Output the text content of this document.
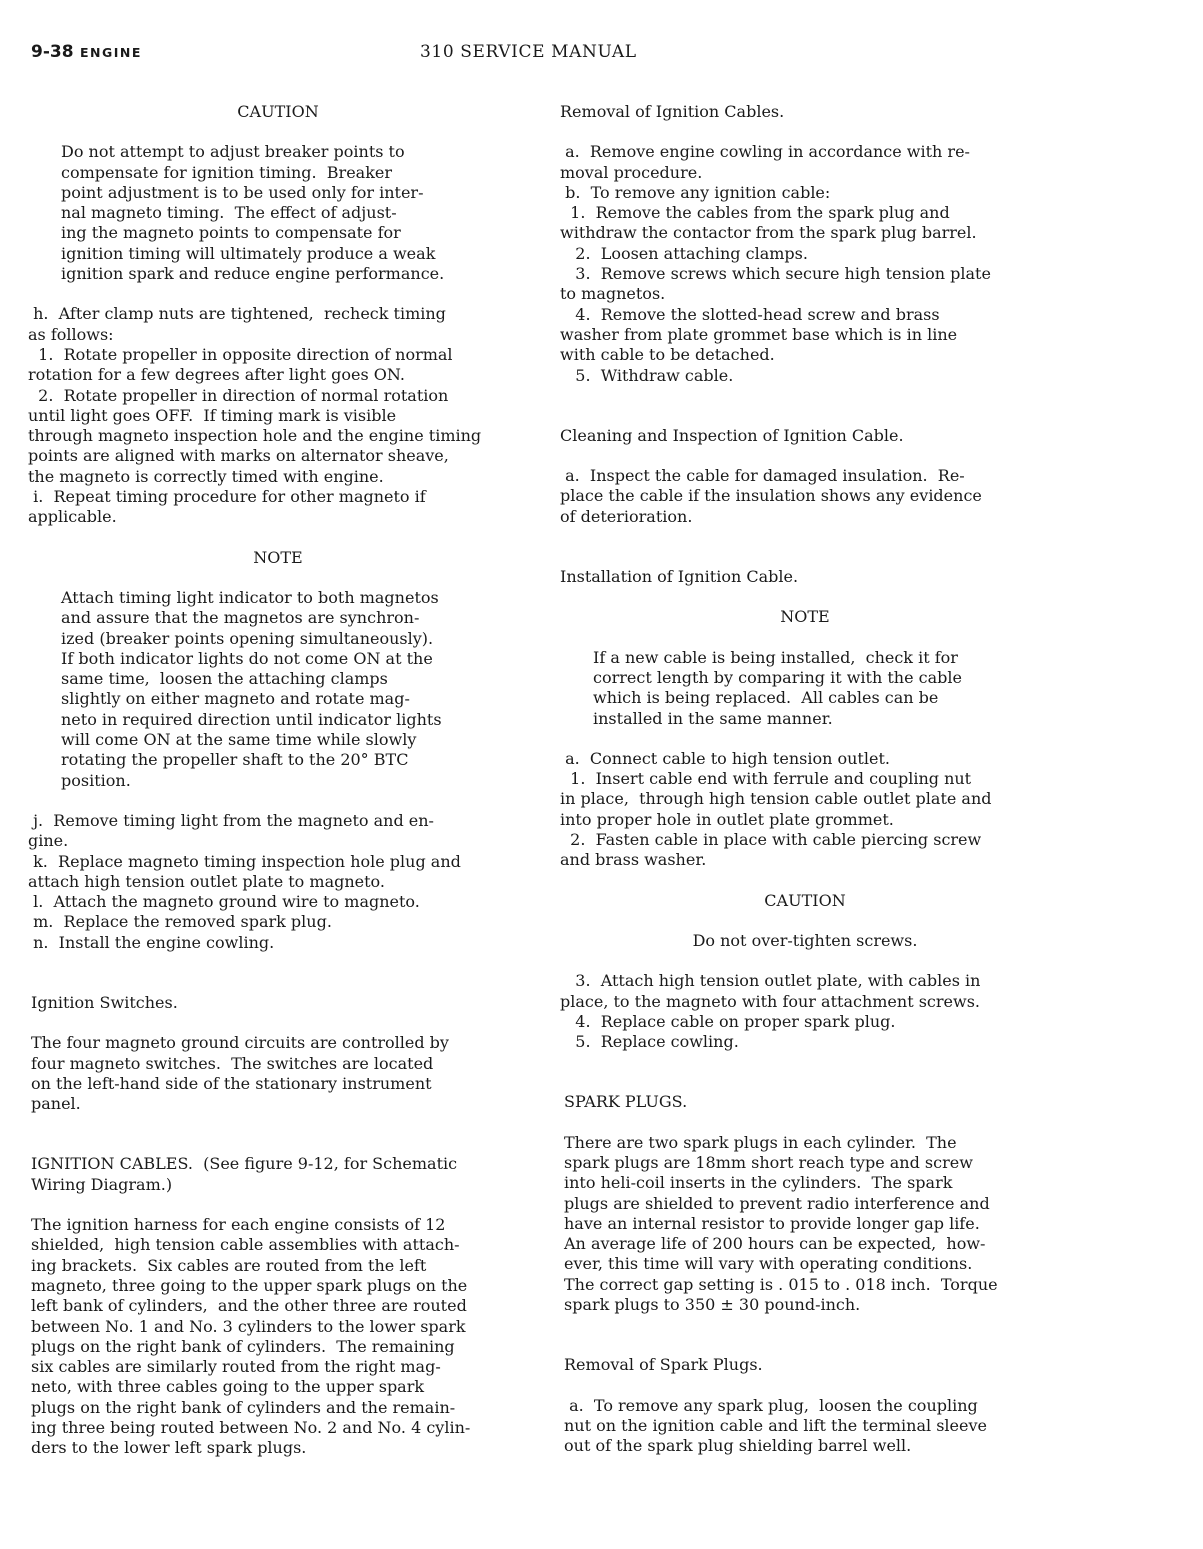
9-38 ENGINE	310 SERVICE MANUAL

CAUTION

Do not attempt to adjust breaker points to

compensate for ignition timing.  Breaker

point adjustment is to be used only for inter-

nal magneto timing.  The effect of adjust-

ing the magneto points to compensate for

ignition timing will ultimately produce a weak

ignition spark and reduce engine performance.

h.  After clamp nuts are tightened,  recheck timing

as follows:

1.  Rotate propeller in opposite direction of normal

rotation for a few degrees after light goes ON.

2.  Rotate propeller in direction of normal rotation

until light goes OFF.  If timing mark is visible

through magneto inspection hole and the engine timing

points are aligned with marks on alternator sheave,

the magneto is correctly timed with engine.

i.  Repeat timing procedure for other magneto if

applicable.

NOTE

Attach timing light indicator to both magnetos

and assure that the magnetos are synchron-

ized (breaker points opening simultaneously).

If both indicator lights do not come ON at the

same time,  loosen the attaching clamps

slightly on either magneto and rotate mag-

neto in required direction until indicator lights

will come ON at the same time while slowly

rotating the propeller shaft to the 20° BTC

position.

j.  Remove timing light from the magneto and en-

gine.

k.  Replace magneto timing inspection hole plug and

attach high tension outlet plate to magneto.

l.  Attach the magneto ground wire to magneto.

m.  Replace the removed spark plug.

n.  Install the engine cowling.

Ignition Switches.

The four magneto ground circuits are controlled by

four magneto switches.  The switches are located

on the left-hand side of the stationary instrument

panel.

IGNITION CABLES.  (See figure 9-12, for Schematic

Wiring Diagram.)

The ignition harness for each engine consists of 12

shielded,  high tension cable assemblies with attach-

ing brackets.  Six cables are routed from the left

magneto, three going to the upper spark plugs on the

left bank of cylinders,  and the other three are routed

between No. 1 and No. 3 cylinders to the lower spark

plugs on the right bank of cylinders.  The remaining

six cables are similarly routed from the right mag-

neto, with three cables going to the upper spark

plugs on the right bank of cylinders and the remain-

ing three being routed between No. 2 and No. 4 cylin-

ders to the lower left spark plugs.

Removal of Ignition Cables.

a.  Remove engine cowling in accordance with re-

moval procedure.

b.  To remove any ignition cable:

1.  Remove the cables from the spark plug and

withdraw the contactor from the spark plug barrel.

2.  Loosen attaching clamps.

3.  Remove screws which secure high tension plate

to magnetos.

4.  Remove the slotted-head screw and brass

washer from plate grommet base which is in line

with cable to be detached.

5.  Withdraw cable.

Cleaning and Inspection of Ignition Cable.

a.  Inspect the cable for damaged insulation.  Re-

place the cable if the insulation shows any evidence

of deterioration.

Installation of Ignition Cable.

NOTE

If a new cable is being installed,  check it for

correct length by comparing it with the cable

which is being replaced.  All cables can be

installed in the same manner.

a.  Connect cable to high tension outlet.

1.  Insert cable end with ferrule and coupling nut

in place,  through high tension cable outlet plate and

into proper hole in outlet plate grommet.

2.  Fasten cable in place with cable piercing screw

and brass washer.

CAUTION

Do not over-tighten screws.

3.  Attach high tension outlet plate, with cables in

place, to the magneto with four attachment screws.

4.  Replace cable on proper spark plug.

5.  Replace cowling.

SPARK PLUGS.

There are two spark plugs in each cylinder.  The

spark plugs are 18mm short reach type and screw

into heli-coil inserts in the cylinders.  The spark

plugs are shielded to prevent radio interference and

have an internal resistor to provide longer gap life.

An average life of 200 hours can be expected,  how-

ever, this time will vary with operating conditions.

The correct gap setting is . 015 to . 018 inch.  Torque

spark plugs to 350 ± 30 pound-inch.

Removal of Spark Plugs.

a.  To remove any spark plug,  loosen the coupling

nut on the ignition cable and lift the terminal sleeve

out of the spark plug shielding barrel well.
